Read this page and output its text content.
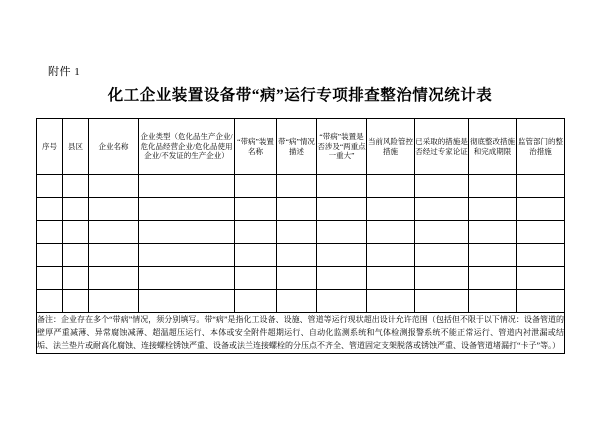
附件 1
化工企业装置设备带“病”运行专项排查整治情况统计表
序号	县区	企业名称	企业类型（危化品生产企业/危化品经营企业/危化品使用企业/不发证的生产企业）	“带病”装置名称	带“病”情况描述	“带病”装置是否涉及“两重点一重大”	当前风险管控措施	已采取的措施是否经过专家论证	彻底整改措施和完成期限	监管部门的整治措施

备注：企业存在多个“带病”情况，须分别填写。带“病”是指化工设备、设施、管道等运行现状超出设计允许范围（包括但不限于以下情况：设备管道的壁厚严重减薄、异常腐蚀减薄、超温超压运行、本体或安全附件超期运行、自动化监测系统和气体检测报警系统不能正常运行、管道内衬泄漏或结垢、法兰垫片或耐高化腐蚀、连接螺栓锈蚀严重、设备或法兰连接螺栓的分压点不齐全、管道固定支架脱落或锈蚀严重、设备管道堵漏打“卡子”等。）										
